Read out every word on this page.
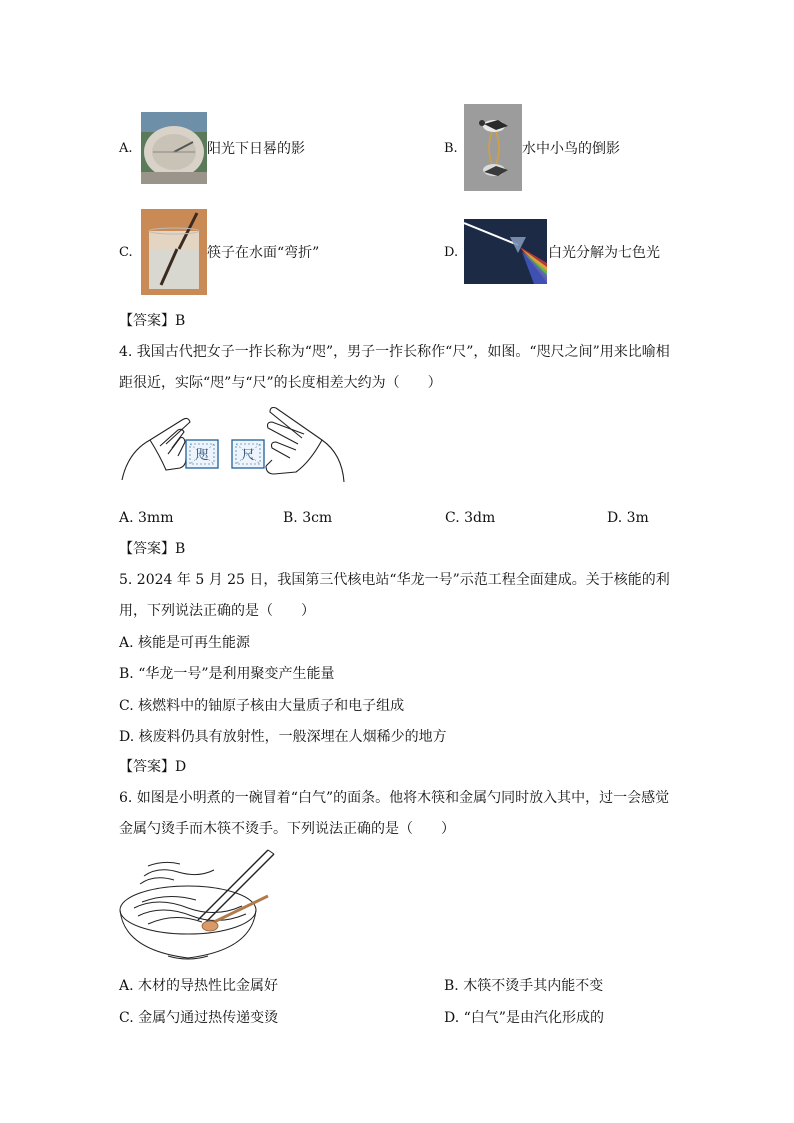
A.	阳光下日晷的影	B.	水中小鸟的倒影
C.	筷子在水面“弯折”	D.	白光分解为七色光
【答案】B
4. 我国古代把女子一拃长称为“咫”，男子一拃长称作“尺”，如图。“咫尺之间”用来比喻相
距很近，实际“咫”与“尺”的长度相差大约为（　　）
咫	尺
A. 3mm	B. 3cm	C. 3dm	D. 3m
【答案】B
5. 2024 年 5 月 25 日，我国第三代核电站“华龙一号”示范工程全面建成。关于核能的利
用，下列说法正确的是（　　）
A. 核能是可再生能源
B. “华龙一号”是利用聚变产生能量
C. 核燃料中的铀原子核由大量质子和电子组成
D. 核废料仍具有放射性，一般深埋在人烟稀少的地方
【答案】D
6. 如图是小明煮的一碗冒着“白气”的面条。他将木筷和金属勺同时放入其中，过一会感觉
金属勺烫手而木筷不烫手。下列说法正确的是（　　）
A. 木材的导热性比金属好	B. 木筷不烫手其内能不变
C. 金属勺通过热传递变烫	D. “白气”是由汽化形成的
